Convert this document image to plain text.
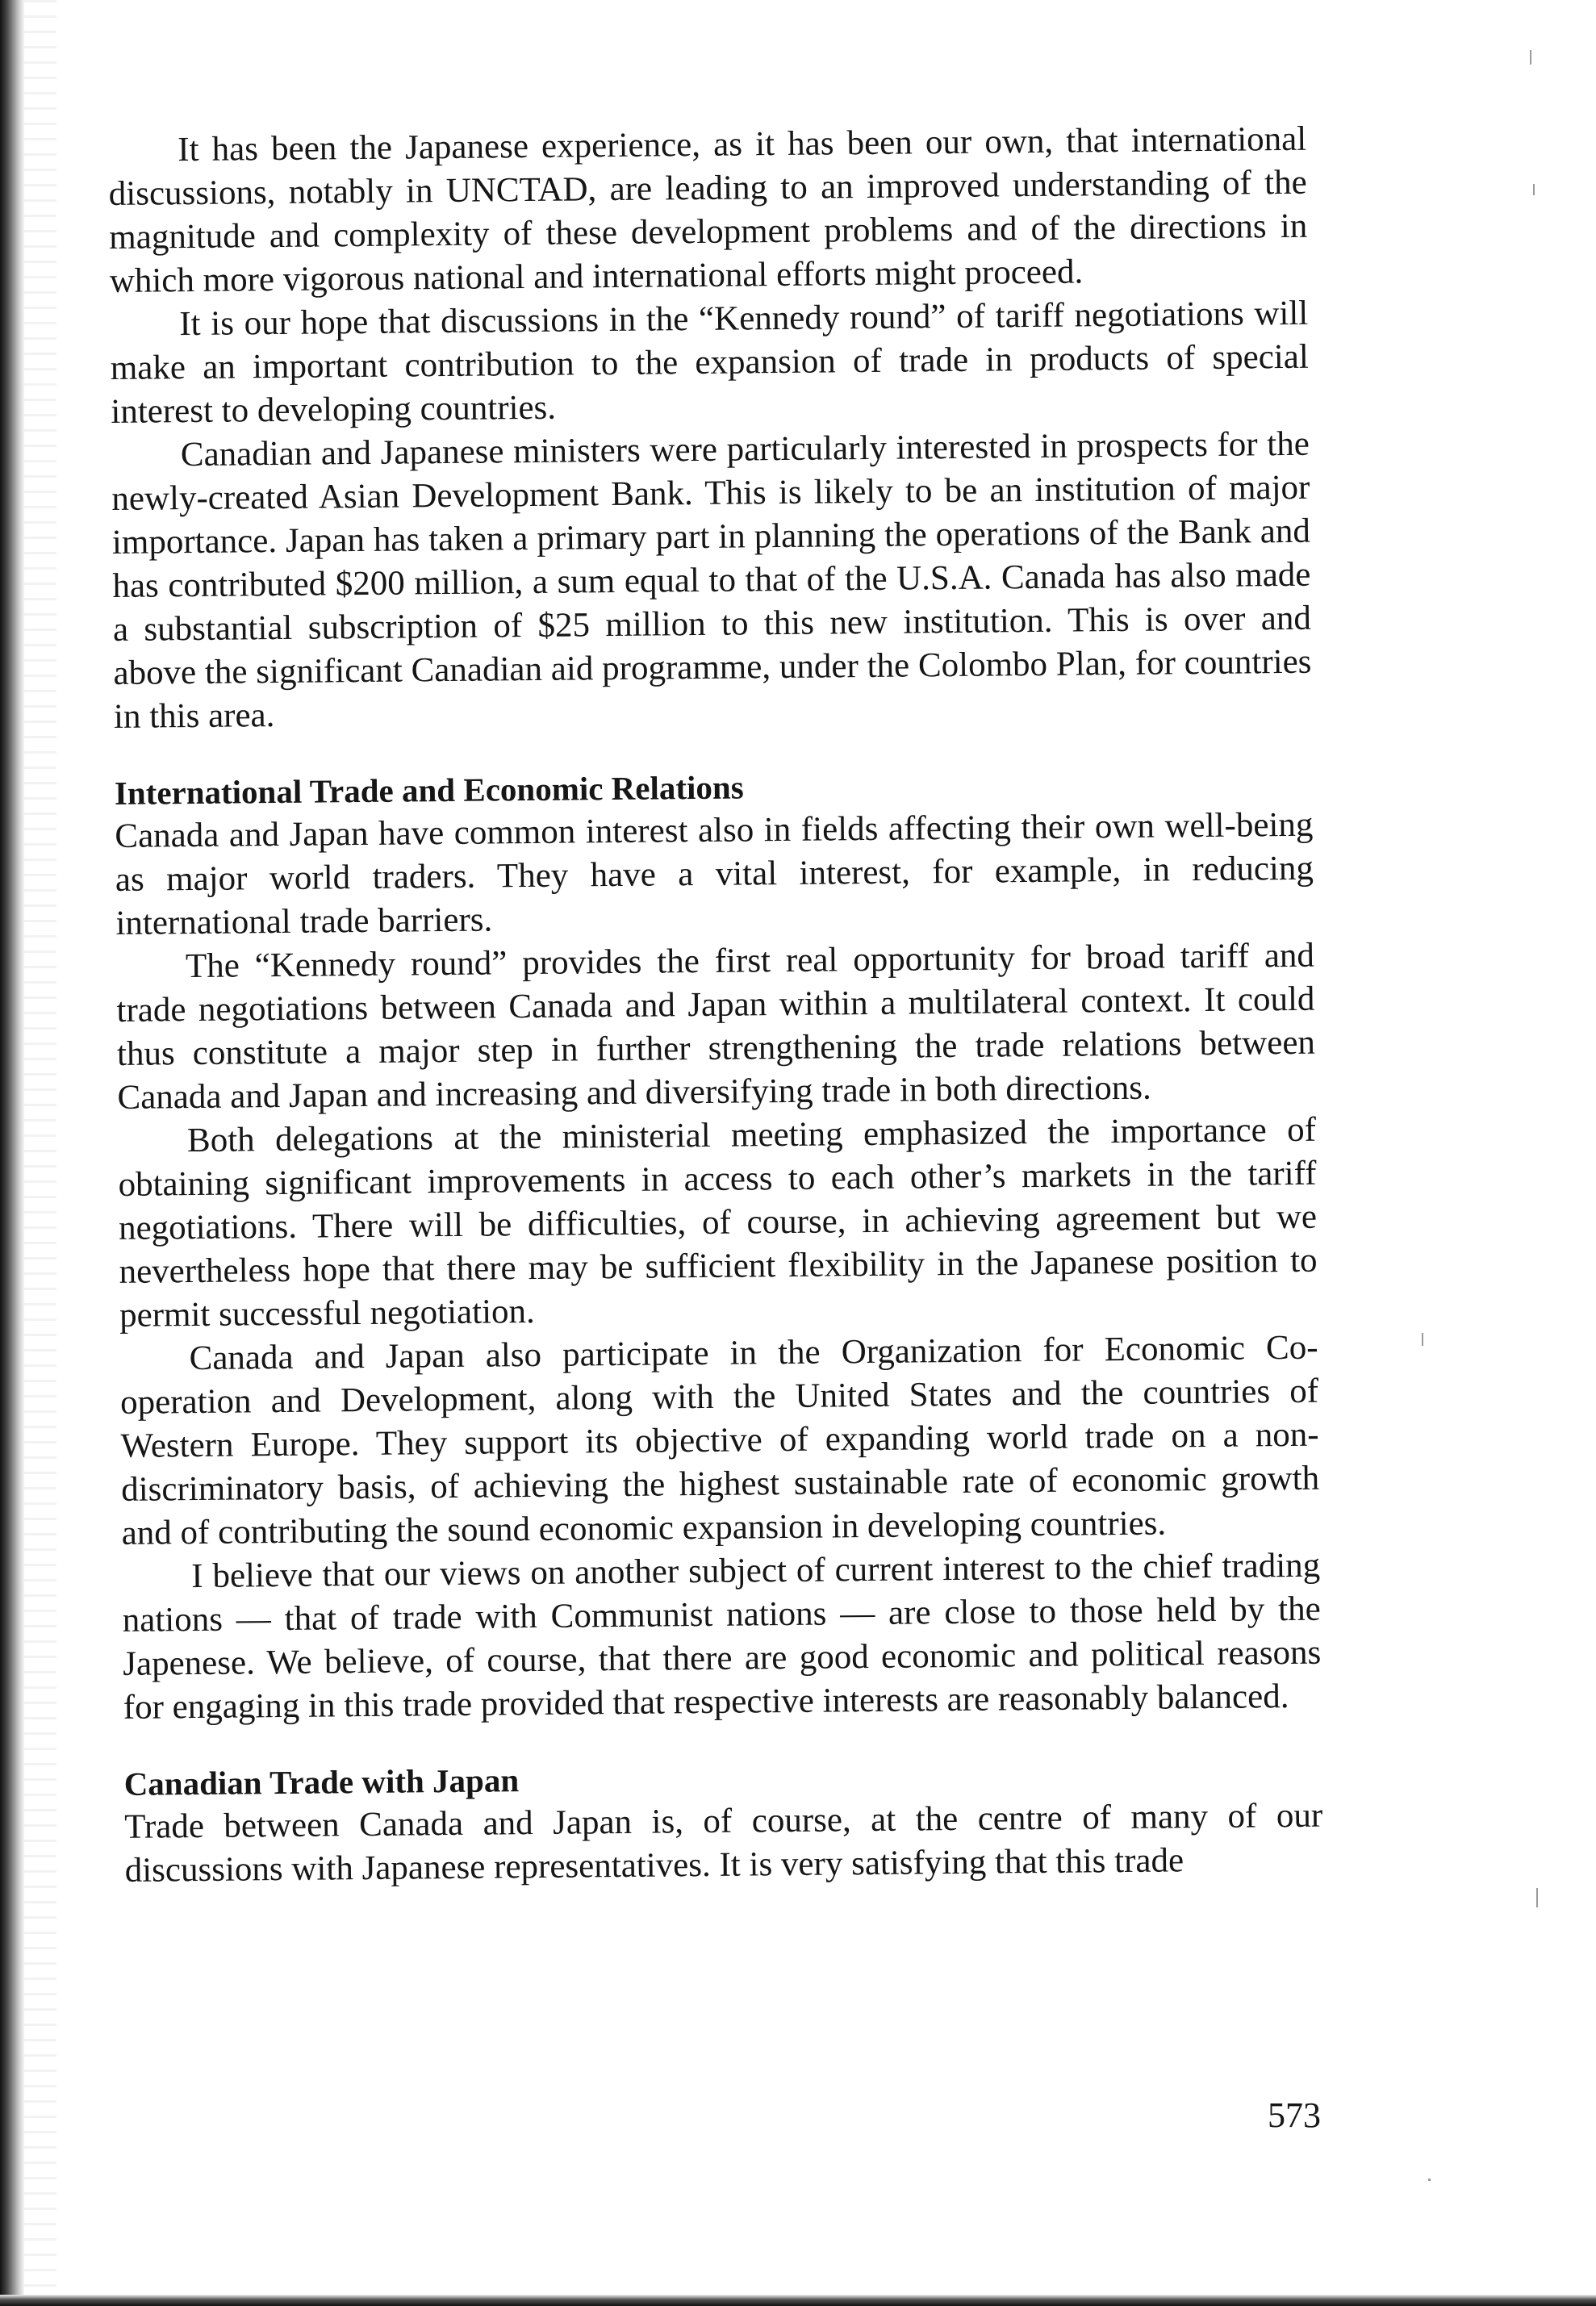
It has been the Japanese experience, as it has been our own, that international discussions, notably in UNCTAD, are leading to an improved understanding of the magnitude and complexity of these development problems and of the directions in which more vigorous national and international efforts might proceed.

It is our hope that discussions in the “Kennedy round” of tariff negotiations will make an important contribution to the expansion of trade in products of special interest to developing countries.

Canadian and Japanese ministers were particularly interested in prospects for the newly-created Asian Development Bank. This is likely to be an institution of major importance. Japan has taken a primary part in planning the operations of the Bank and has contributed $200 million, a sum equal to that of the U.S.A. Canada has also made a substantial subscription of $25 million to this new institution. This is over and above the significant Canadian aid programme, under the Colombo Plan, for countries in this area.

International Trade and Economic Relations

Canada and Japan have common interest also in fields affecting their own well-being as major world traders. They have a vital interest, for example, in reducing international trade barriers.

The “Kennedy round” provides the first real opportunity for broad tariff and trade negotiations between Canada and Japan within a multilateral context. It could thus constitute a major step in further strengthening the trade relations between Canada and Japan and increasing and diversifying trade in both directions.

Both delegations at the ministerial meeting emphasized the importance of obtaining significant improvements in access to each other’s markets in the tariff negotiations. There will be difficulties, of course, in achieving agreement but we nevertheless hope that there may be sufficient flexibility in the Japanese position to permit successful negotiation.

Canada and Japan also participate in the Organization for Economic Co-operation and Development, along with the United States and the countries of Western Europe. They support its objective of expanding world trade on a non-discriminatory basis, of achieving the highest sustainable rate of economic growth and of contributing the sound economic expansion in developing countries.

I believe that our views on another subject of current interest to the chief trading nations — that of trade with Communist nations — are close to those held by the Japenese. We believe, of course, that there are good economic and political reasons for engaging in this trade provided that respective interests are reasonably balanced.

Canadian Trade with Japan

Trade between Canada and Japan is, of course, at the centre of many of our discussions with Japanese representatives. It is very satisfying that this trade

573
